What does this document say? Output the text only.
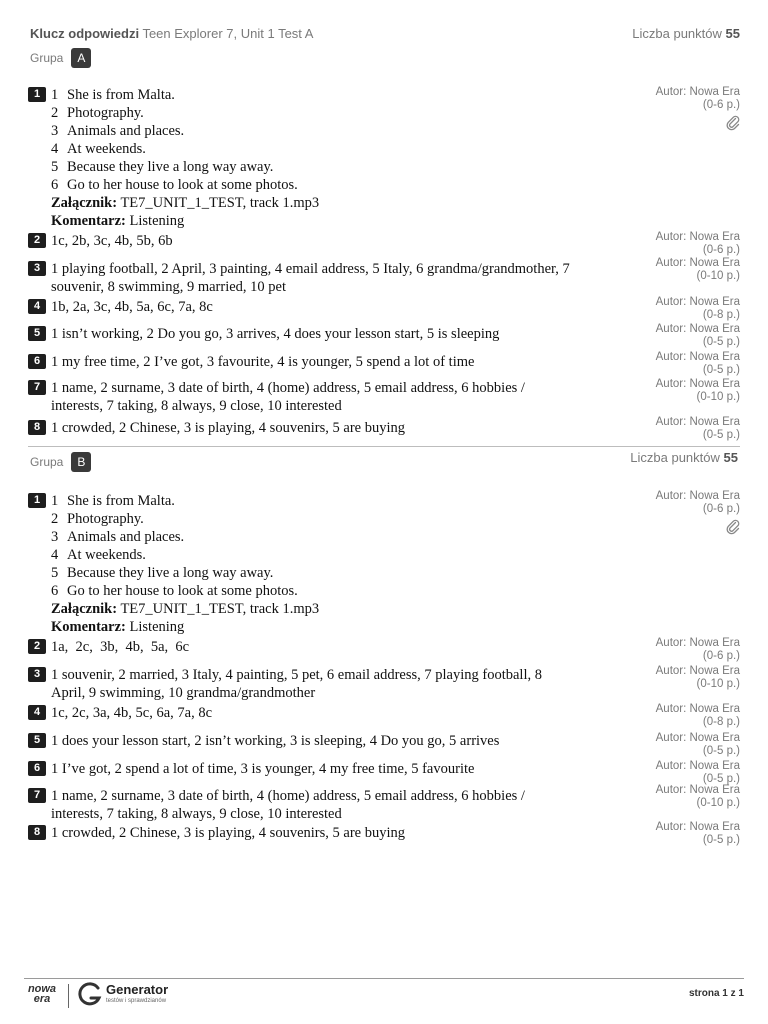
Klucz odpowiedzi Teen Explorer 7, Unit 1 Test A	Liczba punktów 55
Grupa	A
1 1 She is from Malta.
2 Photography.
3 Animals and places.
4 At weekends.
5 Because they live a long way away.
6 Go to her house to look at some photos.
Załącznik: TE7_UNIT_1_TEST, track 1.mp3
Komentarz: Listening
Autor: Nowa Era
(0-6 p.)
2 1c, 2b, 3c, 4b, 5b, 6b	Autor: Nowa Era
(0-6 p.)
3 1 playing football, 2 April, 3 painting, 4 email address, 5 Italy, 6 grandma/grandmother, 7
souvenir, 8 swimming, 9 married, 10 pet
Autor: Nowa Era
(0-10 p.)
4 1b, 2a, 3c, 4b, 5a, 6c, 7a, 8c	Autor: Nowa Era
(0-8 p.)
5 1 isn’t working, 2 Do you go, 3 arrives, 4 does your lesson start, 5 is sleeping	Autor: Nowa Era
(0-5 p.)
6 1 my free time, 2 I’ve got, 3 favourite, 4 is younger, 5 spend a lot of time	Autor: Nowa Era
(0-5 p.)
7 1 name, 2 surname, 3 date of birth, 4 (home) address, 5 email address, 6 hobbies /
interests, 7 taking, 8 always, 9 close, 10 interested
Autor: Nowa Era
(0-10 p.)
8 1 crowded, 2 Chinese, 3 is playing, 4 souvenirs, 5 are buying	Autor: Nowa Era
(0-5 p.)
Grupa	B	Liczba punktów 55
1 1 She is from Malta.
2 Photography.
3 Animals and places.
4 At weekends.
5 Because they live a long way away.
6 Go to her house to look at some photos.
Załącznik: TE7_UNIT_1_TEST, track 1.mp3
Komentarz: Listening
Autor: Nowa Era
(0-6 p.)
2 1a,  2c,  3b,  4b,  5a,  6c	Autor: Nowa Era
(0-6 p.)
3 1 souvenir, 2 married, 3 Italy, 4 painting, 5 pet, 6 email address, 7 playing football, 8
April, 9 swimming, 10 grandma/grandmother
Autor: Nowa Era
(0-10 p.)
4 1c, 2c, 3a, 4b, 5c, 6a, 7a, 8c	Autor: Nowa Era
(0-8 p.)
5 1 does your lesson start, 2 isn’t working, 3 is sleeping, 4 Do you go, 5 arrives	Autor: Nowa Era
(0-5 p.)
6 1 I’ve got, 2 spend a lot of time, 3 is younger, 4 my free time, 5 favourite	Autor: Nowa Era
(0-5 p.)
7 1 name, 2 surname, 3 date of birth, 4 (home) address, 5 email address, 6 hobbies /
interests, 7 taking, 8 always, 9 close, 10 interested
Autor: Nowa Era
(0-10 p.)
8 1 crowded, 2 Chinese, 3 is playing, 4 souvenirs, 5 are buying	Autor: Nowa Era
(0-5 p.)
nowa
era
Generator
testów i sprawdzianów
strona 1 z 1
